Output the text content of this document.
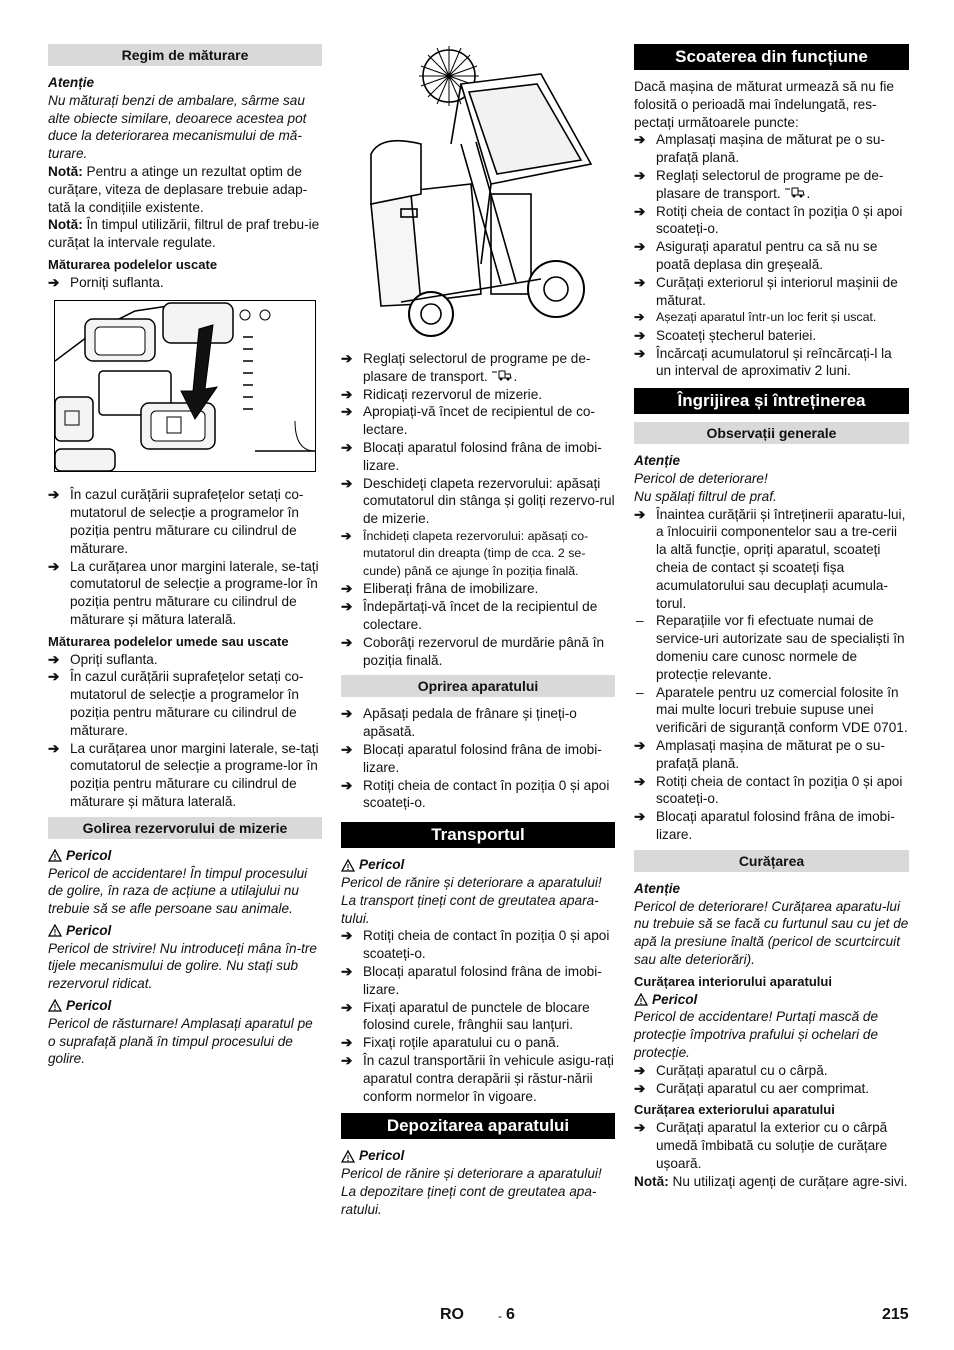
Regim de măturare

Atenție

Nu măturați benzi de ambalare, sârme sau alte obiecte similare, deoarece acestea pot duce la deteriorarea mecanismului de mă-turare.

Notă: Pentru a atinge un rezultat optim de curățare, viteza de deplasare trebuie adap-tată la condițiile existente.

Notă: În timpul utilizării, filtrul de praf trebu-ie curățat la intervale regulate.

Măturarea podelelor uscate

➔ Porniți suflanta.

➔ În cazul curățării suprafețelor setați co-mutatorul de selecție a programelor în poziția pentru măturare cu cilindrul de măturare.

➔ La curățarea unor margini laterale, se-tați comutatorul de selecție a programe-lor în poziția pentru măturare cu cilindrul de măturare și mătura laterală.

Măturarea podelelor umede sau uscate

➔ Opriți suflanta.

➔ În cazul curățării suprafețelor setați co-mutatorul de selecție a programelor în poziția pentru măturare cu cilindrul de măturare.

➔ La curățarea unor margini laterale, se-tați comutatorul de selecție a programe-lor în poziția pentru măturare cu cilindrul de măturare și mătura laterală.

Golirea rezervorului de mizerie

Pericol

Pericol de accidentare! În timpul procesului de golire, în raza de acțiune a utilajului nu trebuie să se afle persoane sau animale.

Pericol

Pericol de strivire! Nu introduceți mâna în-tre tijele mecanismului de golire. Nu stați sub rezervorul ridicat.

Pericol

Pericol de răsturnare! Amplasați aparatul pe o suprafață plană în timpul procesului de golire.

➔ Reglați selectorul de programe pe de-plasare de transport. .

➔ Ridicați rezervorul de mizerie.

➔ Apropiați-vă încet de recipientul de co-lectare.

➔ Blocați aparatul folosind frâna de imobi-lizare.

➔ Deschideți clapeta rezervorului: apăsați comutatorul din stânga și goliți rezervo-rul de mizerie.

➔ Închideți clapeta rezervorului: apăsați co-mutatorul din dreapta (timp de cca. 2 se-cunde) până ce ajunge în poziția finală.

➔ Eliberați frâna de imobilizare.

➔ Îndepărtați-vă încet de la recipientul de colectare.

➔ Coborâți rezervorul de murdărie până în poziția finală.

Oprirea aparatului

➔ Apăsați pedala de frânare și țineți-o apăsată.

➔ Blocați aparatul folosind frâna de imobi-lizare.

➔ Rotiți cheia de contact în poziția 0 și apoi scoateți-o.

Transportul

Pericol

Pericol de rănire și deteriorare a aparatului! La transport țineți cont de greutatea apara-tului.

➔ Rotiți cheia de contact în poziția 0 și apoi scoateți-o.

➔ Blocați aparatul folosind frâna de imobi-lizare.

➔ Fixați aparatul de punctele de blocare folosind curele, frânghii sau lanțuri.

➔ Fixați roțile aparatului cu o pană.

➔ În cazul transportării în vehicule asigu-rați aparatul contra derapării și răstur-nării conform normelor în vigoare.

Depozitarea aparatului

Pericol

Pericol de rănire și deteriorare a aparatului! La depozitare țineți cont de greutatea apa-ratului.

Scoaterea din funcțiune

Dacă mașina de măturat urmează să nu fie folosită o perioadă mai îndelungată, res-pectați următoarele puncte:

➔ Amplasați mașina de măturat pe o su-prafață plană.

➔ Reglați selectorul de programe pe de-plasare de transport. .

➔ Rotiți cheia de contact în poziția 0 și apoi scoateți-o.

➔ Asigurați aparatul pentru ca să nu se poată deplasa din greșeală.

➔ Curățați exteriorul și interiorul mașinii de măturat.

➔ Așezați aparatul într-un loc ferit și uscat.

➔ Scoateți ștecherul bateriei.

➔ Încărcați acumulatorul și reîncărcați-l la un interval de aproximativ 2 luni.

Îngrijirea și întreținerea
Observații generale

Atenție

Pericol de deteriorare!

Nu spălați filtrul de praf.

➔ Înaintea curățării și întreținerii aparatu-lui, a înlocuirii componentelor sau a tre-cerii la altă funcție, opriți aparatul, scoateți cheia de contact și scoateți fișa acumulatorului sau decuplați acumula-torul.

– Reparațiile vor fi efectuate numai de service-uri autorizate sau de specialiști în domeniu care cunosc normele de protecție relevante.

– Aparatele pentru uz comercial folosite în mai multe locuri trebuie supuse unei verificări de siguranță conform VDE 0701.

➔ Amplasați mașina de măturat pe o su-prafață plană.

➔ Rotiți cheia de contact în poziția 0 și apoi scoateți-o.

➔ Blocați aparatul folosind frâna de imobi-lizare.

Curățarea

Atenție

Pericol de deteriorare! Curățarea aparatu-lui nu trebuie să se facă cu furtunul sau cu jet de apă la presiune înaltă (pericol de scurtcircuit sau alte deteriorări).

Curățarea interiorului aparatului

Pericol

Pericol de accidentare! Purtați mască de protecție împotriva prafului și ochelari de protecție.

➔ Curățați aparatul cu o cârpă.

➔ Curățați aparatul cu aer comprimat.

Curățarea exteriorului aparatului

➔ Curățați aparatul la exterior cu o cârpă umedă îmbibată cu soluție de curățare ușoară.

Notă: Nu utilizați agenți de curățare agre-sivi.

RO	- 6	215
